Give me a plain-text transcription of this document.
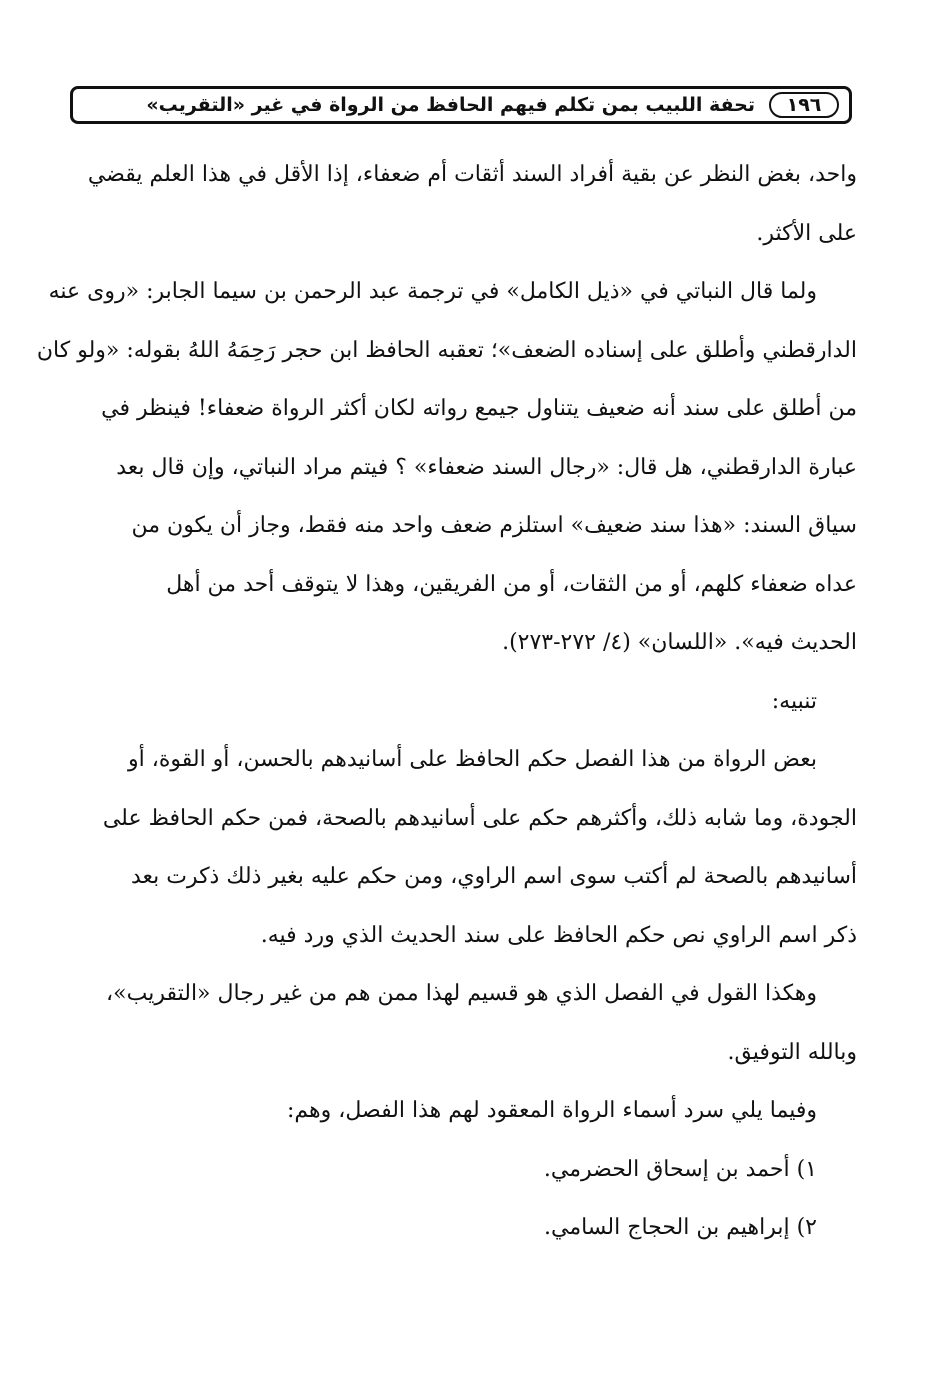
١٩٦
تحفة اللبيب بمن تكلم فيهم الحافظ من الرواة في غير «التقريب»
واحد، بغض النظر عن بقية أفراد السند أثقات أم ضعفاء، إذا الأقل في هذا العلم يقضي
على الأكثر.
ولما قال النباتي في «ذيل الكامل» في ترجمة عبد الرحمن بن سيما الجابر: «روى عنه
الدارقطني وأطلق على إسناده الضعف»؛ تعقبه الحافظ ابن حجر رَحِمَهُ اللهُ بقوله: «ولو كان
من أطلق على سند أنه ضعيف يتناول جيمع رواته لكان أكثر الرواة ضعفاء! فينظر في
عبارة الدارقطني، هل قال: «رجال السند ضعفاء» ؟ فيتم مراد النباتي، وإن قال بعد
سياق السند: «هذا سند ضعيف» استلزم ضعف واحد منه فقط، وجاز أن يكون من
عداه ضعفاء كلهم، أو من الثقات، أو من الفريقين، وهذا لا يتوقف أحد من أهل
الحديث فيه». «اللسان» (٤/ ٢٧٢-٢٧٣).
تنبيه:
بعض الرواة من هذا الفصل حكم الحافظ على أسانيدهم بالحسن، أو القوة، أو
الجودة، وما شابه ذلك، وأكثرهم حكم على أسانيدهم بالصحة، فمن حكم الحافظ على
أسانيدهم بالصحة لم أكتب سوى اسم الراوي، ومن حكم عليه بغير ذلك ذكرت بعد
ذكر اسم الراوي نص حكم الحافظ على سند الحديث الذي ورد فيه.
وهكذا القول في الفصل الذي هو قسيم لهذا ممن هم من غير رجال «التقريب»،
وبالله التوفيق.
وفيما يلي سرد أسماء الرواة المعقود لهم هذا الفصل، وهم:
١) أحمد بن إسحاق الحضرمي.
٢) إبراهيم بن الحجاج السامي.
